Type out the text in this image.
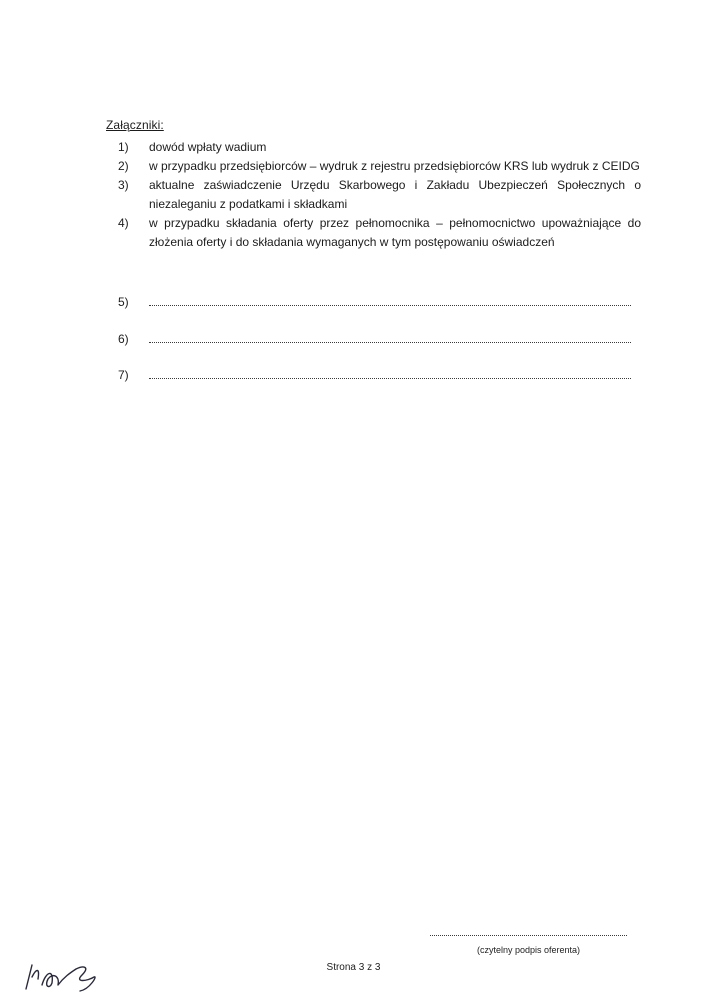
Załączniki:
1) dowód wpłaty wadium
2) w przypadku przedsiębiorców – wydruk z rejestru przedsiębiorców KRS lub wydruk z CEIDG
3) aktualne zaświadczenie Urzędu Skarbowego i Zakładu Ubezpieczeń Społecznych o niezaleganiu z podatkami i składkami
4) w przypadku składania oferty przez pełnomocnika – pełnomocnictwo upoważniające do złożenia oferty i do składania wymaganych w tym postępowaniu oświadczeń
5)
6)
7)
(czytelny podpis oferenta)
Strona 3 z 3
